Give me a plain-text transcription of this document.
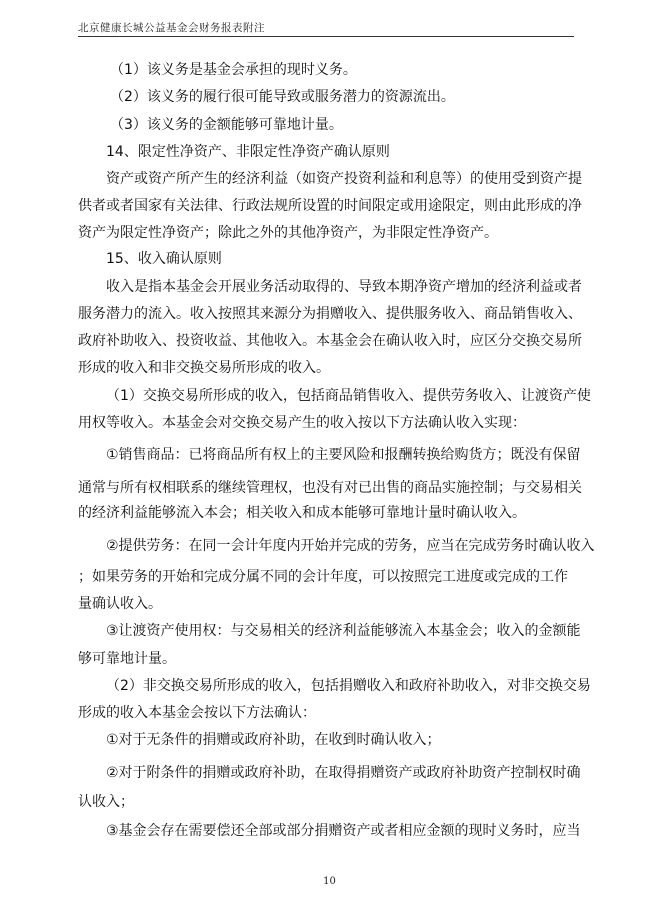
北京健康长城公益基金会财务报表附注
（1）该义务是基金会承担的现时义务。
（2）该义务的履行很可能导致或服务潜力的资源流出。
（3）该义务的金额能够可靠地计量。
14、限定性净资产、非限定性净资产确认原则
资产或资产所产生的经济利益（如资产投资利益和利息等）的使用受到资产提
供者或者国家有关法律、行政法规所设置的时间限定或用途限定，则由此形成的净
资产为限定性净资产；除此之外的其他净资产，为非限定性净资产。
15、收入确认原则
收入是指本基金会开展业务活动取得的、导致本期净资产增加的经济利益或者
服务潜力的流入。收入按照其来源分为捐赠收入、提供服务收入、商品销售收入、
政府补助收入、投资收益、其他收入。本基金会在确认收入时，应区分交换交易所
形成的收入和非交换交易所形成的收入。
（1）交换交易所形成的收入，包括商品销售收入、提供劳务收入、让渡资产使
用权等收入。本基金会对交换交易产生的收入按以下方法确认收入实现：
①销售商品：已将商品所有权上的主要风险和报酬转换给购货方；既没有保留
通常与所有权相联系的继续管理权，也没有对已出售的商品实施控制；与交易相关
的经济利益能够流入本会；相关收入和成本能够可靠地计量时确认收入。
②提供劳务：在同一会计年度内开始并完成的劳务，应当在完成劳务时确认收入
；如果劳务的开始和完成分属不同的会计年度，可以按照完工进度或完成的工作
量确认收入。
③让渡资产使用权：与交易相关的经济利益能够流入本基金会；收入的金额能
够可靠地计量。
（2）非交换交易所形成的收入，包括捐赠收入和政府补助收入，对非交换交易
形成的收入本基金会按以下方法确认：
①对于无条件的捐赠或政府补助，在收到时确认收入；
②对于附条件的捐赠或政府补助，在取得捐赠资产或政府补助资产控制权时确
认收入；
③基金会存在需要偿还全部或部分捐赠资产或者相应金额的现时义务时，应当
10
